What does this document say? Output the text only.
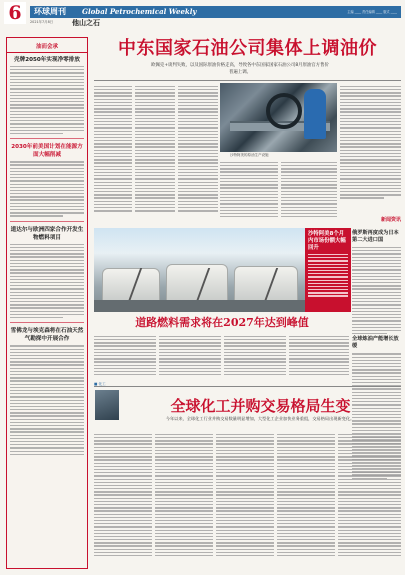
6	环球周刊 Global Petrochemical Weekly	主编 ____ 责任编辑 ____ 版式 ____
2021年7月8日	他山之石
油而会承
壳牌2050年实现净零排放
2030年前美国计划在能源方面大幅削减
道达尔与欧洲四家合作开发生物燃料项目
雪佛龙与埃克森将在石油天然气勘探中开展合作
中东国家石油公司集体上调油价
欧佩克+谈判失败，以及国际原油价格走高，导致各中东国家国家石油公司8月原油官方售价普遍上调。
沙特阿美的原油生产设施
沙特阿美8个月内市场份额大幅回升
新闻资讯
俄罗斯再度成为日本第二大进口国
全球炼油产能增长放缓
道路燃料需求将在2027年达到峰值
■ 化工
全球化工并购交易格局生变
今年以来，全球化工行业并购交易数量明显增加，大型化工企业加快业务重组，交易格局出现新变化。
